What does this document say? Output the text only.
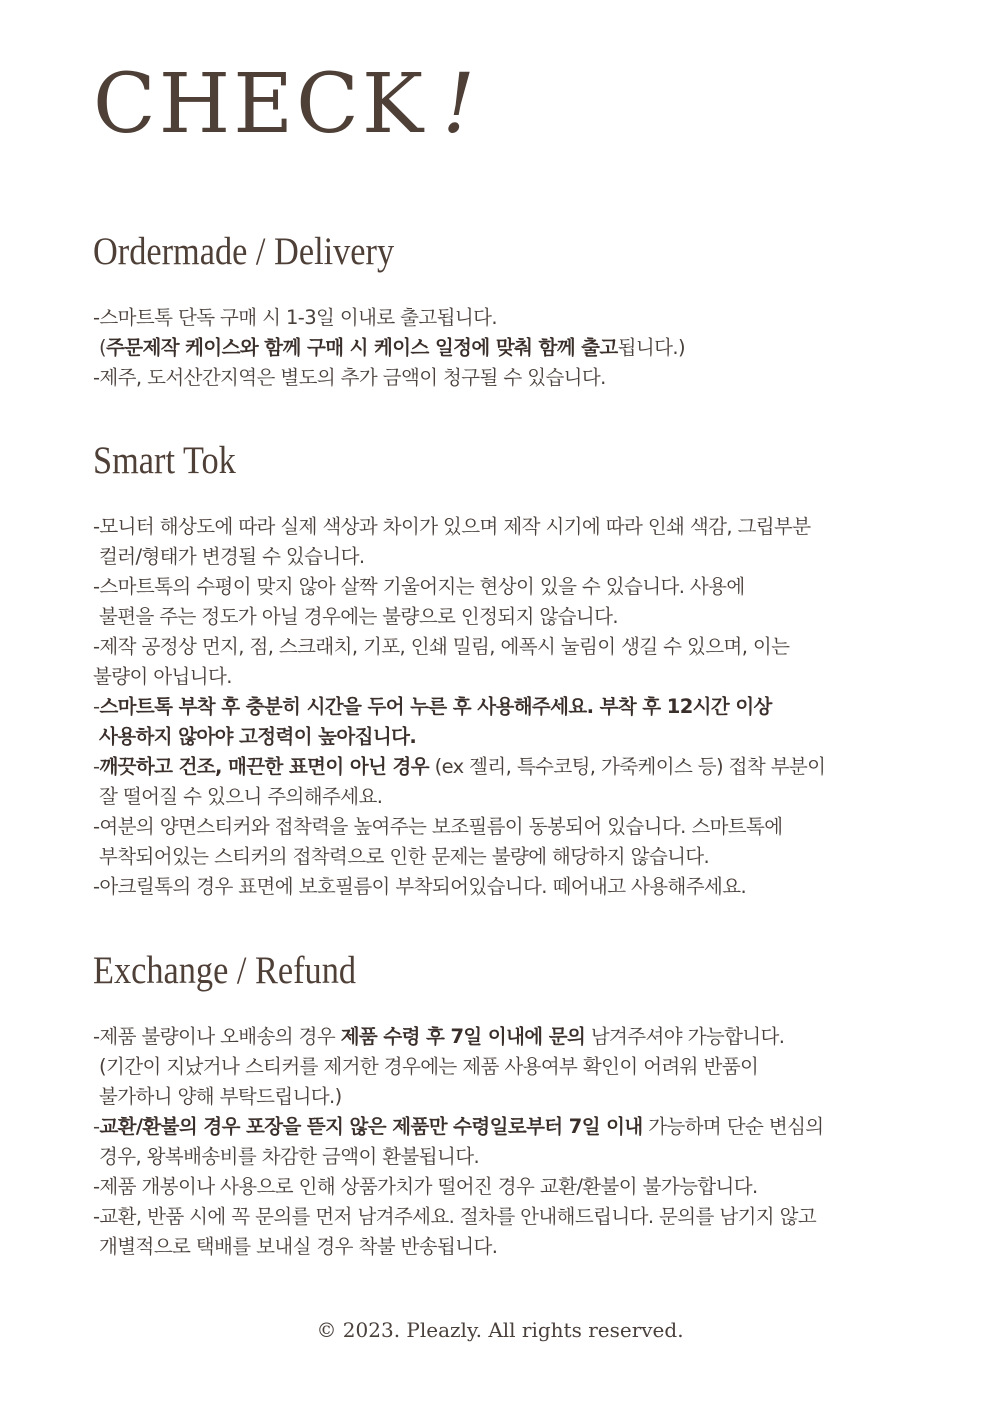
CHECK !
Ordermade / Delivery
-스마트톡 단독 구매 시 1-3일 이내로 출고됩니다.
(주문제작 케이스와 함께 구매 시 케이스 일정에 맞춰 함께 출고됩니다.)
-제주, 도서산간지역은 별도의 추가 금액이 청구될 수 있습니다.
Smart Tok
-모니터 해상도에 따라 실제 색상과 차이가 있으며 제작 시기에 따라 인쇄 색감, 그립부분
컬러/형태가 변경될 수 있습니다.
-스마트톡의 수평이 맞지 않아 살짝 기울어지는 현상이 있을 수 있습니다. 사용에
불편을 주는 정도가 아닐 경우에는 불량으로 인정되지 않습니다.
-제작 공정상 먼지, 점, 스크래치, 기포, 인쇄 밀림, 에폭시 눌림이 생길 수 있으며, 이는
불량이 아닙니다.
-스마트톡 부착 후 충분히 시간을 두어 누른 후 사용해주세요. 부착 후 12시간 이상
사용하지 않아야 고정력이 높아집니다.
-깨끗하고 건조, 매끈한 표면이 아닌 경우 (ex 젤리, 특수코팅, 가죽케이스 등) 접착 부분이
잘 떨어질 수 있으니 주의해주세요.
-여분의 양면스티커와 접착력을 높여주는 보조필름이 동봉되어 있습니다. 스마트톡에
부착되어있는 스티커의 접착력으로 인한 문제는 불량에 해당하지 않습니다.
-아크릴톡의 경우 표면에 보호필름이 부착되어있습니다. 떼어내고 사용해주세요.
Exchange / Refund
-제품 불량이나 오배송의 경우 제품 수령 후 7일 이내에 문의 남겨주셔야 가능합니다.
(기간이 지났거나 스티커를 제거한 경우에는 제품 사용여부 확인이 어려워 반품이
불가하니 양해 부탁드립니다.)
-교환/환불의 경우 포장을 뜯지 않은 제품만 수령일로부터 7일 이내 가능하며 단순 변심의
경우, 왕복배송비를 차감한 금액이 환불됩니다.
-제품 개봉이나 사용으로 인해 상품가치가 떨어진 경우 교환/환불이 불가능합니다.
-교환, 반품 시에 꼭 문의를 먼저 남겨주세요. 절차를 안내해드립니다. 문의를 남기지 않고
개별적으로 택배를 보내실 경우 착불 반송됩니다.
© 2023. Pleazly. All rights reserved.
